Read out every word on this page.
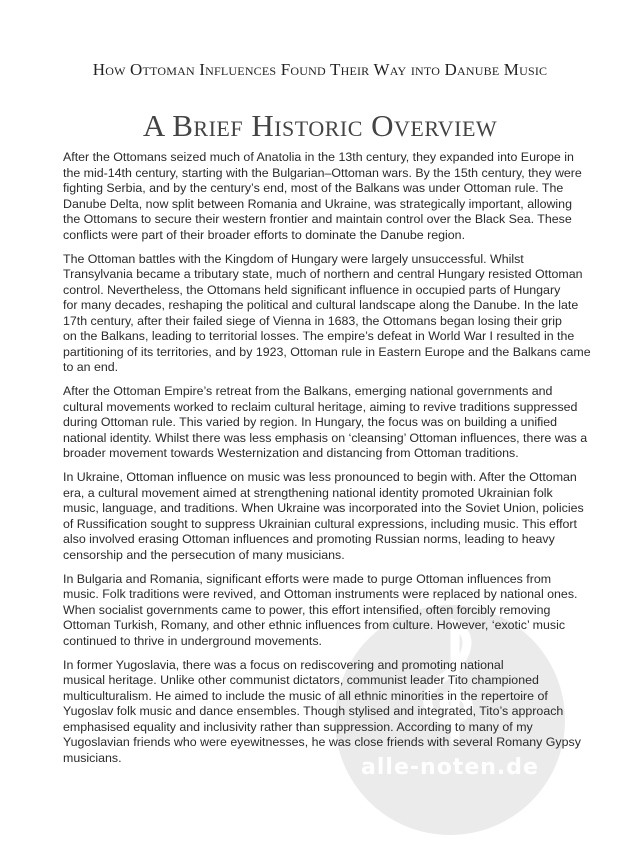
alle-noten.de
How Ottoman Influences Found Their Way into Danube Music
A Brief Historic Overview

After the Ottomans seized much of Anatolia in the 13th century, they expanded into Europe in
the mid-14th century, starting with the Bulgarian–Ottoman wars. By the 15th century, they were
fighting Serbia, and by the century’s end, most of the Balkans was under Ottoman rule. The
Danube Delta, now split between Romania and Ukraine, was strategically important, allowing
the Ottomans to secure their western frontier and maintain control over the Black Sea. These
conflicts were part of their broader efforts to dominate the Danube region.

The Ottoman battles with the Kingdom of Hungary were largely unsuccessful. Whilst
Transylvania became a tributary state, much of northern and central Hungary resisted Ottoman
control. Nevertheless, the Ottomans held significant influence in occupied parts of Hungary
for many decades, reshaping the political and cultural landscape along the Danube. In the late
17th century, after their failed siege of Vienna in 1683, the Ottomans began losing their grip
on the Balkans, leading to territorial losses. The empire’s defeat in World War I resulted in the
partitioning of its territories, and by 1923, Ottoman rule in Eastern Europe and the Balkans came
to an end.

After the Ottoman Empire’s retreat from the Balkans, emerging national governments and
cultural movements worked to reclaim cultural heritage, aiming to revive traditions suppressed
during Ottoman rule. This varied by region. In Hungary, the focus was on building a unified
national identity. Whilst there was less emphasis on ‘cleansing’ Ottoman influences, there was a
broader movement towards Westernization and distancing from Ottoman traditions.

In Ukraine, Ottoman influence on music was less pronounced to begin with. After the Ottoman
era, a cultural movement aimed at strengthening national identity promoted Ukrainian folk
music, language, and traditions. When Ukraine was incorporated into the Soviet Union, policies
of Russification sought to suppress Ukrainian cultural expressions, including music. This effort
also involved erasing Ottoman influences and promoting Russian norms, leading to heavy
censorship and the persecution of many musicians.

In Bulgaria and Romania, significant efforts were made to purge Ottoman influences from
music. Folk traditions were revived, and Ottoman instruments were replaced by national ones.
When socialist governments came to power, this effort intensified, often forcibly removing
Ottoman Turkish, Romany, and other ethnic influences from culture. However, ‘exotic’ music
continued to thrive in underground movements.

In former Yugoslavia, there was a focus on rediscovering and promoting national
musical heritage. Unlike other communist dictators, communist leader Tito championed
multiculturalism. He aimed to include the music of all ethnic minorities in the repertoire of
Yugoslav folk music and dance ensembles. Though stylised and integrated, Tito’s approach
emphasised equality and inclusivity rather than suppression. According to many of my
Yugoslavian friends who were eyewitnesses, he was close friends with several Romany Gypsy
musicians.
